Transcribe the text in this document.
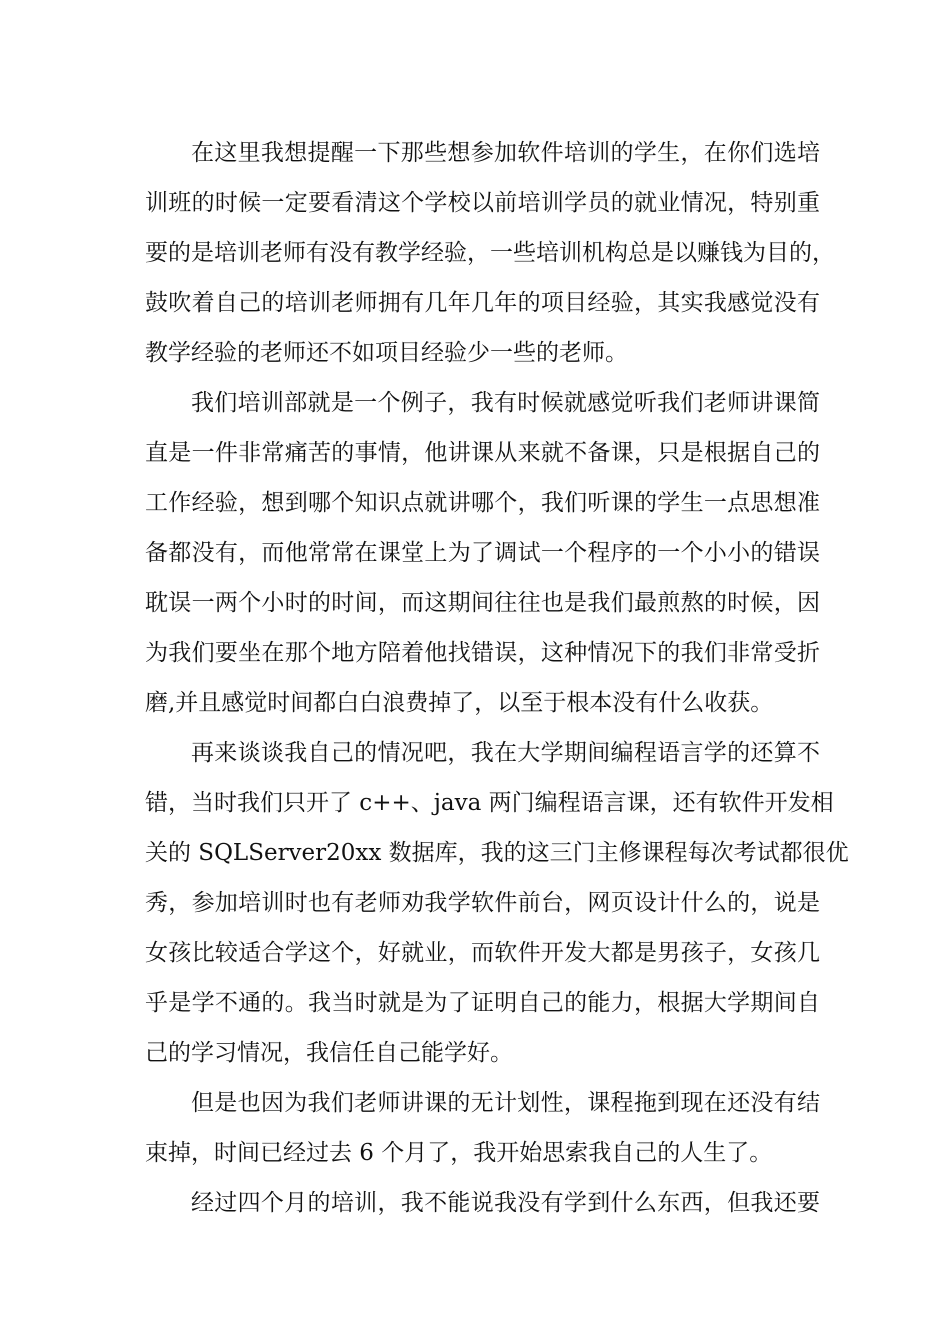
在这里我想提醒一下那些想参加软件培训的学生，在你们选培
训班的时候一定要看清这个学校以前培训学员的就业情况，特别重
要的是培训老师有没有教学经验，一些培训机构总是以赚钱为目的，
鼓吹着自己的培训老师拥有几年几年的项目经验，其实我感觉没有
教学经验的老师还不如项目经验少一些的老师。
我们培训部就是一个例子，我有时候就感觉听我们老师讲课简
直是一件非常痛苦的事情，他讲课从来就不备课，只是根据自己的
工作经验，想到哪个知识点就讲哪个，我们听课的学生一点思想准
备都没有，而他常常在课堂上为了调试一个程序的一个小小的错误
耽误一两个小时的时间，而这期间往往也是我们最煎熬的时候，因
为我们要坐在那个地方陪着他找错误，这种情况下的我们非常受折
磨,并且感觉时间都白白浪费掉了，以至于根本没有什么收获。
再来谈谈我自己的情况吧，我在大学期间编程语言学的还算不
错，当时我们只开了 c++、java 两门编程语言课，还有软件开发相
关的 SQLServer20xx 数据库，我的这三门主修课程每次考试都很优
秀，参加培训时也有老师劝我学软件前台，网页设计什么的，说是
女孩比较适合学这个，好就业，而软件开发大都是男孩子，女孩几
乎是学不通的。我当时就是为了证明自己的能力，根据大学期间自
己的学习情况，我信任自己能学好。
但是也因为我们老师讲课的无计划性，课程拖到现在还没有结
束掉，时间已经过去 6 个月了，我开始思索我自己的人生了。
经过四个月的培训，我不能说我没有学到什么东西，但我还要
